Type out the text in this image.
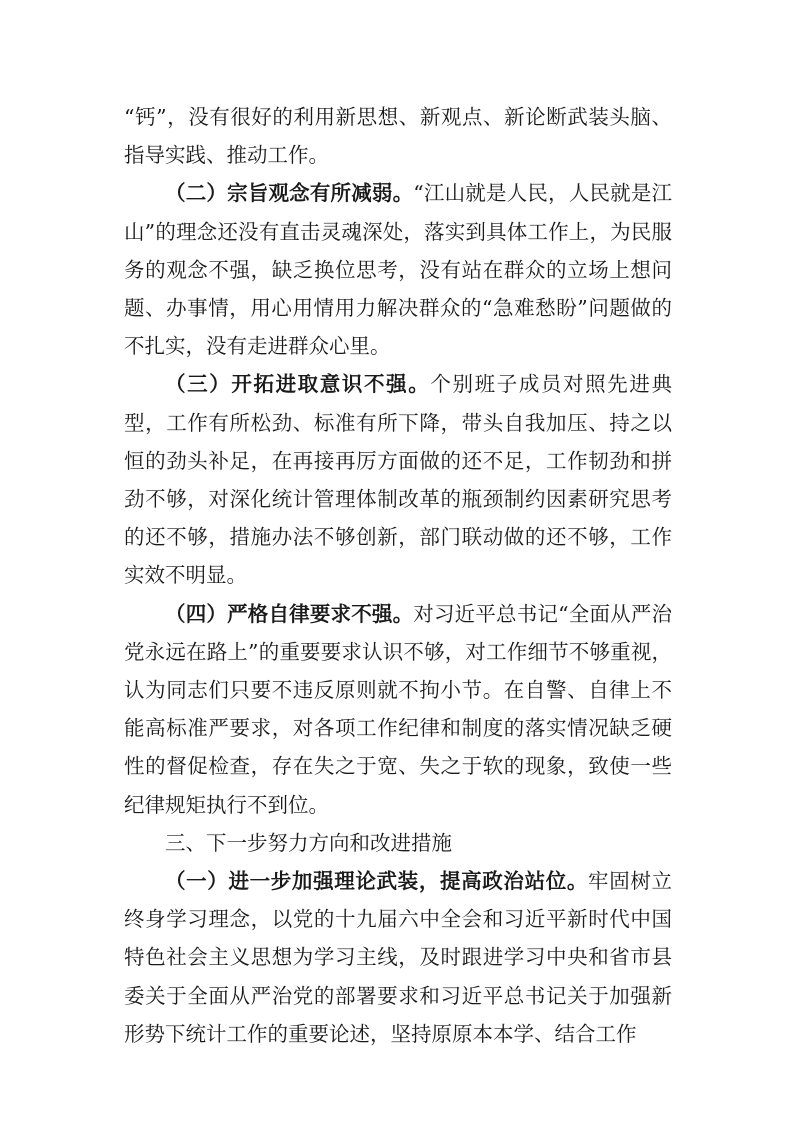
“钙”，没有很好的利用新思想、新观点、新论断武装头脑、指导实践、推动工作。

（二）宗旨观念有所减弱。“江山就是人民，人民就是江山”的理念还没有直击灵魂深处，落实到具体工作上，为民服务的观念不强，缺乏换位思考，没有站在群众的立场上想问题、办事情，用心用情用力解决群众的“急难愁盼”问题做的不扎实，没有走进群众心里。

（三）开拓进取意识不强。个别班子成员对照先进典型，工作有所松劲、标准有所下降，带头自我加压、持之以恒的劲头补足，在再接再厉方面做的还不足，工作韧劲和拼劲不够，对深化统计管理体制改革的瓶颈制约因素研究思考的还不够，措施办法不够创新，部门联动做的还不够，工作实效不明显。

（四）严格自律要求不强。对习近平总书记“全面从严治党永远在路上”的重要要求认识不够，对工作细节不够重视，认为同志们只要不违反原则就不拘小节。在自警、自律上不能高标准严要求，对各项工作纪律和制度的落实情况缺乏硬性的督促检查，存在失之于宽、失之于软的现象，致使一些纪律规矩执行不到位。

三、下一步努力方向和改进措施

（一）进一步加强理论武装，提高政治站位。牢固树立终身学习理念，以党的十九届六中全会和习近平新时代中国特色社会主义思想为学习主线，及时跟进学习中央和省市县委关于全面从严治党的部署要求和习近平总书记关于加强新形势下统计工作的重要论述，坚持原原本本学、结合工作
